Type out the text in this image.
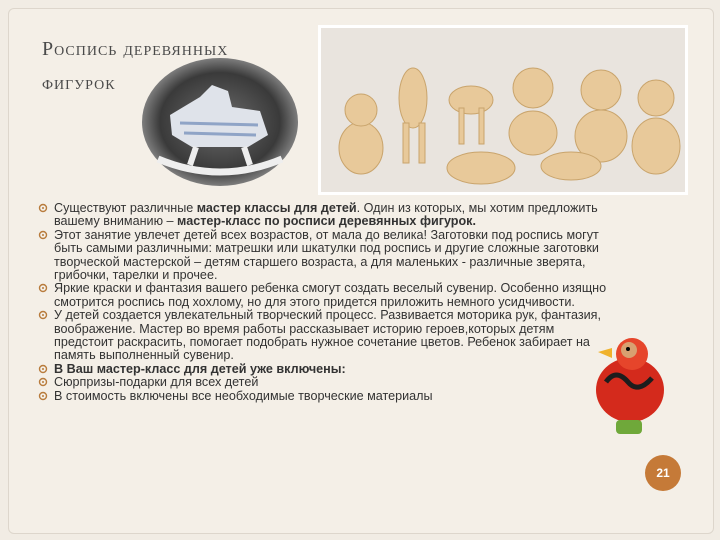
Роспись деревянных
фигурок
Существуют различные мастер классы для детей. Один из которых, мы хотим предложить вашему вниманию – мастер-класс по росписи деревянных фигурок.
Этот занятие увлечет детей всех возрастов, от мала до велика! Заготовки под роспись могут быть самыми различными: матрешки или шкатулки под роспись и другие сложные заготовки творческой мастерской – детям старшего возраста, а для маленьких - различные зверята, грибочки, тарелки и прочее.
Яркие краски и фантазия вашего ребенка смогут создать веселый сувенир. Особенно изящно смотрится роспись под хохлому, но для этого придется приложить немного усидчивости.
У детей создается увлекательный творческий процесс. Развивается моторика рук, фантазия, воображение. Мастер во время работы рассказывает историю героев,которых детям предстоит раскрасить, помогает подобрать нужное сочетание цветов. Ребенок забирает на память выполненный сувенир.
В Ваш мастер-класс для детей уже включены:
Сюрпризы-подарки для всех детей
В стоимость включены все необходимые творческие материалы
21
